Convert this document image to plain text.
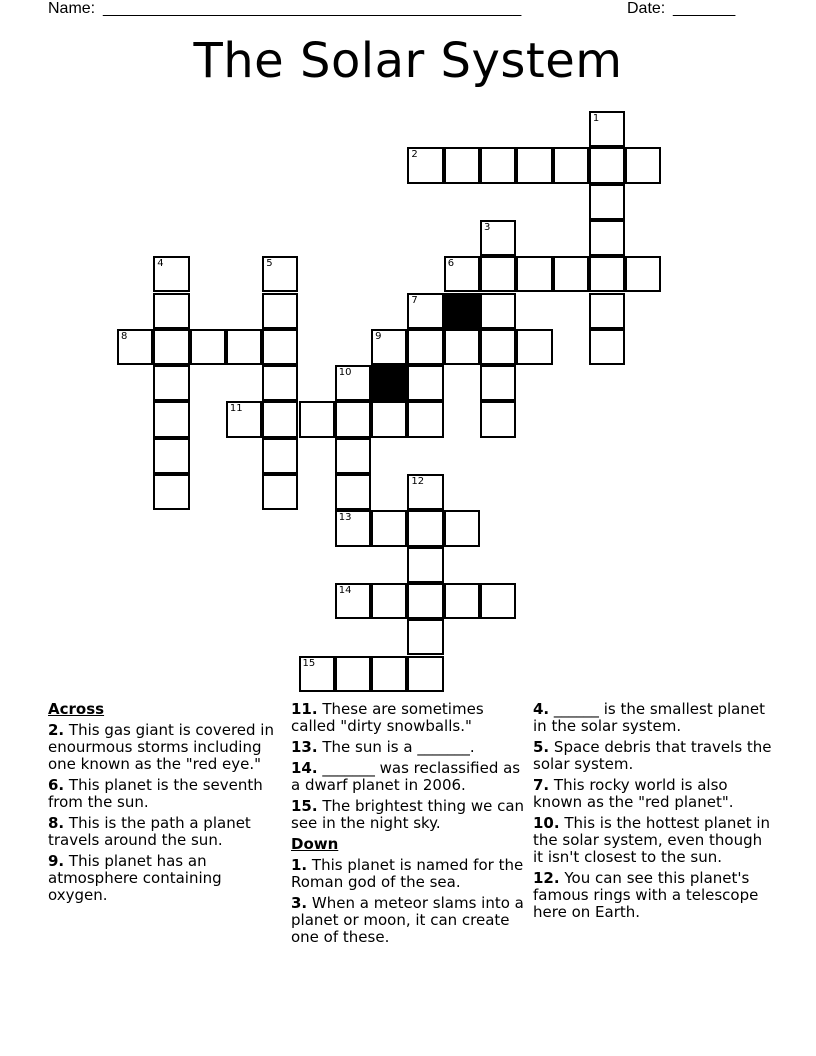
Name: _______________________________________________	Date: _______
The Solar System
2
6
8	9
11
13
14
15
1
3
4	5
7
10
12
Across
2. This gas giant is covered in enourmous storms including one known as the "red eye."
6. This planet is the seventh from the sun.
8. This is the path a planet travels around the sun.
9. This planet has an atmosphere containing oxygen.
11. These are sometimes called "dirty snowballs."
13. The sun is a _______.
14. _______ was reclassified as a dwarf planet in 2006.
15. The brightest thing we can see in the night sky.
Down
1. This planet is named for the Roman god of the sea.
3. When a meteor slams into a planet or moon, it can create one of these.
4. ______ is the smallest planet in the solar system.
5. Space debris that travels the solar system.
7. This rocky world is also known as the "red planet".
10. This is the hottest planet in the solar system, even though it isn't closest to the sun.
12. You can see this planet's famous rings with a telescope here on Earth.
